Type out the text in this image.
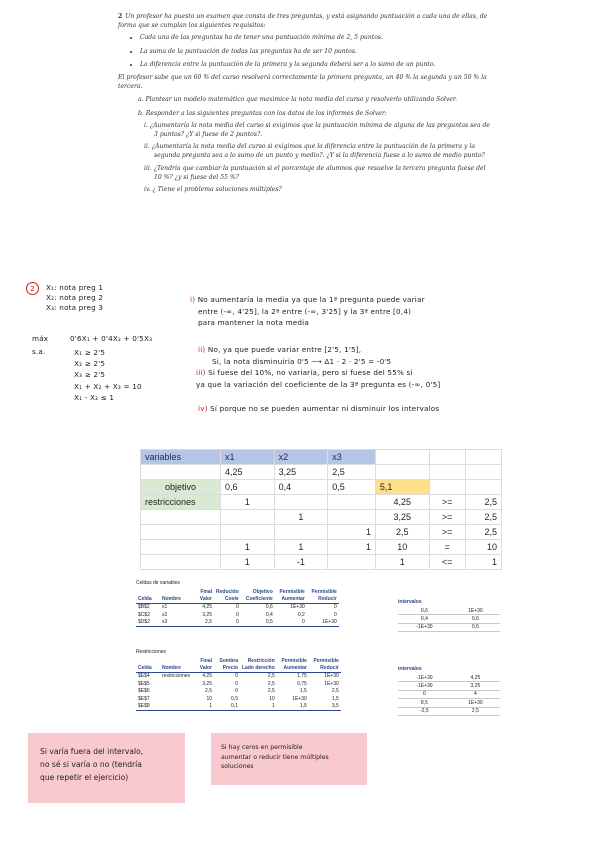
2 Un profesor ha puesto un examen que consta de tres preguntas, y está asignando puntuación a cada una de ellas, de forma que se cumplan los siguientes requisitos:

• Cada una de las preguntas ha de tener una puntuación mínima de 2, 5 puntos.
• La suma de la puntuación de todas las preguntas ha de ser 10 puntos.
• La diferencia entre la puntuación de la primera y la segunda deberá ser a lo sumo de un punto.

El profesor sabe que un 60 % del curso resolverá correctamente la primera pregunta, un 40 % la segunda y un 50 % la tercera.

a. Plantear un modelo matemático que maximice la nota media del curso y resolverlo utilizando Solver.

b. Responder a las siguientes preguntas con los datos de los informes de Solver:

i. ¿Aumentaría la nota media del curso si exigimos que la puntuación mínima de alguna de las preguntas sea de 3 puntos? ¿Y si fuese de 2 puntos?.

ii. ¿Aumentaría la nota media del curso si exigimos que la diferencia entre la puntuación de la primera y la segunda pregunta sea a lo sumo de un punto y medio?. ¿Y si la diferencia fuese a lo sumo de medio punto?

iii. ¿Tendría que cambiar la puntuación si el porcentaje de alumnos que resuelve la tercera pregunta fuese del 10 %? ¿y si fuese del 55 %?

iv. ¿ Tiene el problema soluciones múltiples?

2	X₁: nota preg 1
X₂: nota preg 2
X₃: nota preg 3
máx	0'6X₁ + 0'4X₂ + 0'5X₃
s.a.	X₁ ≥ 2'5
X₂ ≥ 2'5
X₃ ≥ 2'5
X₁ + X₂ + X₃ = 10
X₁ - X₂ ≤ 1
i) No aumentaría la media ya que la 1ª pregunta puede variar
entre (-∞, 4'25], la 2ª entre (-∞, 3'25] y la 3ª entre [0,4)
para mantener la nota media
ii) No, ya que puede variar entre [2'5, 1'5],
Si, la nota disminuiría 0'5 ⟶ Δ1 · 2 · 2'5 = -0'5
iii) Si fuese del 10%, no variaría, pero si fuese del 55% si
ya que la variación del coeficiente de la 3ª pregunta es (-∞, 0'5]
iv) Sí porque no se pueden aumentar ni disminuir los intervalos
variables	x1	x2	x3			
	4,25	3,25	2,5			
objetivo	0,6	0,4	0,5	5,1		
restricciones	1			4,25	>=	2,5
		1		3,25	>=	2,5
			1	2,5	>=	2,5
	1	1	1	10	=	10
	1	-1		1	<=	1
Celdas de variables
		Final	Reducido	Objetivo	Permisible	Permisible
Celda	Nombre	Valor	Coste	Coeficiente	Aumentar	Reducir
$B$2	x1	4,25	0	0,6	1E+30	0
$C$2	x2	3,25	0	0,4	0,2	0
$D$2	x3	2,5	0	0,5	0	1E+30
intervalos
0,6	1E+30
0,4	0,6
-1E+30	0,5
Restricciones
		Final	Sombra	Restricción	Permisible	Permisible
Celda	Nombre	Valor	Precio	Lado derecho	Aumentar	Reducir
$E$4	restricciones	4,25	0	2,5	1,75	1E+30
$E$5		3,25	0	2,5	0,75	1E+30
$E$6		2,5	0	2,5	1,5	2,5
$E$7		10	0,5	10	1E+30	1,5
$E$8		1	0,1	1	1,5	3,5
intervalos
-1E+30	4,25
-1E+30	3,25
0	4
8,5	1E+30
-2,5	2,5
Si varía fuera del intervalo,
no sé si varía o no (tendría
que repetir el ejercicio)
Si hay ceros en permisible
aumentar o reducir tiene múltiples
soluciones
